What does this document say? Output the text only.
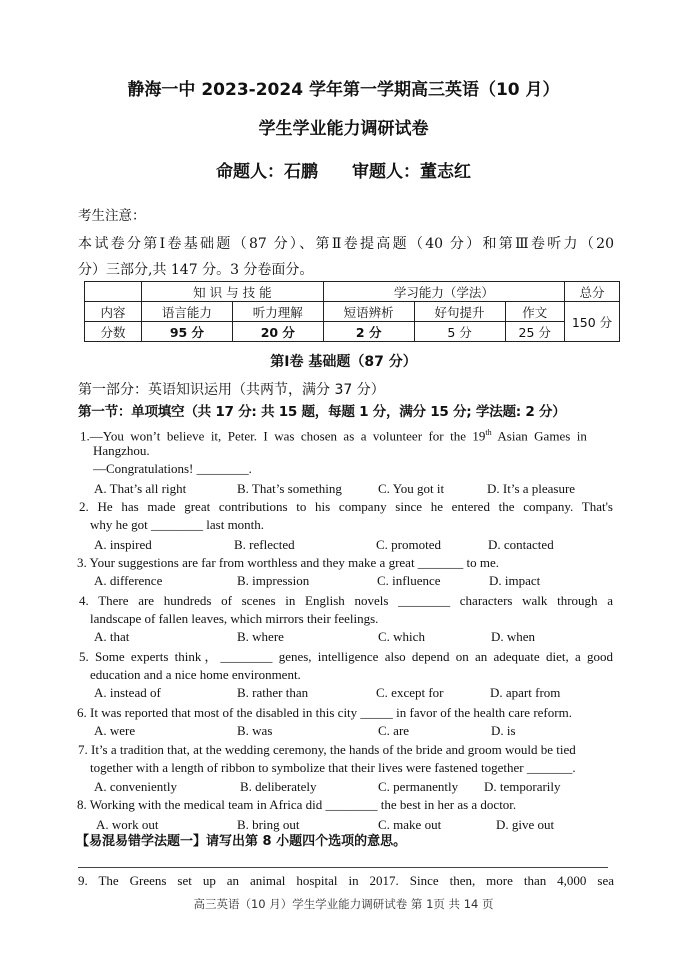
静海一中 2023-2024 学年第一学期高三英语（10 月）
学生学业能力调研试卷
命题人：石鹏　　审题人：董志红
考生注意：
本试卷分第Ⅰ卷基础题（87 分）、第Ⅱ卷提高题（40 分）和第Ⅲ卷听力（20
分）三部分,共 147 分。3 分卷面分。
	知 识 与 技 能		学习能力（学法）			总分
内容	语言能力	听力理解	短语辨析	好句提升	作文	150 分
分数	95 分	20 分	2 分	5 分	25 分	
第Ⅰ卷 基础题（87 分）
第一部分：英语知识运用（共两节，满分 37 分）
第一节：单项填空（共 17 分: 共 15 题，每题 1 分，满分 15 分; 学法题: 2 分）
1.—You won’t believe it, Peter. I was chosen as a volunteer for the 19th Asian Games in
Hangzhou.
—Congratulations! ________.
A. That’s all right	B. That’s something	C. You got it	D. It’s a pleasure
2. He has made great contributions to his company since he entered the company. That's
why he got ________ last month.
A. inspired	B. reflected	C. promoted	D. contacted
3. Your suggestions are far from worthless and they make a great _______ to me.
A. difference	B. impression	C. influence	D. impact
4. There are hundreds of scenes in English novels ________ characters walk through a
landscape of fallen leaves, which mirrors their feelings.
A. that	B. where	C. which	D. when
5. Some experts think，________ genes, intelligence also depend on an adequate diet, a good
education and a nice home environment.
A. instead of	B. rather than	C. except for	D. apart from
6. It was reported that most of the disabled in this city _____ in favor of the health care reform.
A. were	B. was	C. are	D. is
7. It’s a tradition that, at the wedding ceremony, the hands of the bride and groom would be tied
together with a length of ribbon to symbolize that their lives were fastened together _______.
A. conveniently	B. deliberately	C. permanently D. temporarily
8. Working with the medical team in Africa did ________ the best in her as a doctor.
A. work out	B. bring out	C. make out	D. give out
【易混易错学法题一】请写出第 8 小题四个选项的意思。
9. The Greens set up an animal hospital in 2017. Since then, more than 4,000 sea
高三英语（10 月）学生学业能力调研试卷 第 1页 共 14 页
